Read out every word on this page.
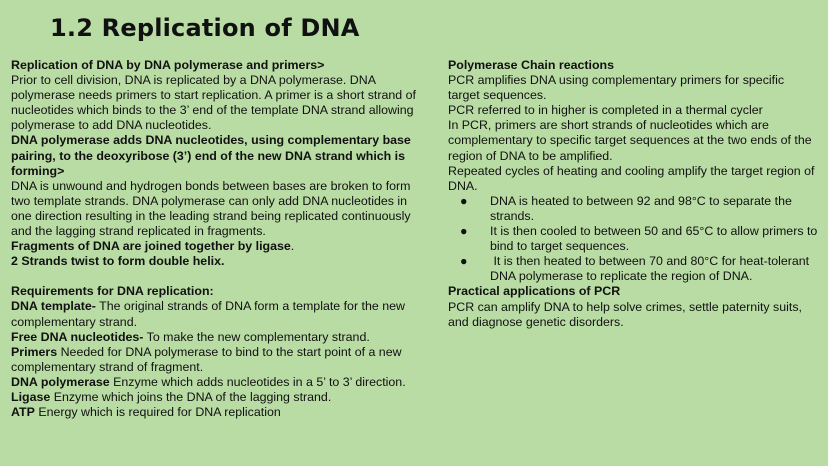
1.2 Replication of DNA

Replication of DNA by DNA polymerase and primers>

Prior to cell division, DNA is replicated by a DNA polymerase. DNA polymerase needs primers to start replication. A primer is a short strand of nucleotides which binds to the 3’ end of the template DNA strand allowing polymerase to add DNA nucleotides.

DNA polymerase adds DNA nucleotides, using complementary base pairing, to the deoxyribose (3’) end of the new DNA strand which is forming>

DNA is unwound and hydrogen bonds between bases are broken to form two template strands. DNA polymerase can only add DNA nucleotides in one direction resulting in the leading strand being replicated continuously and the lagging strand replicated in fragments.

Fragments of DNA are joined together by ligase.

2 Strands twist to form double helix.

Requirements for DNA replication:

DNA template- The original strands of DNA form a template for the new complementary strand.

Free DNA nucleotides- To make the new complementary strand.

Primers Needed for DNA polymerase to bind to the start point of a new complementary strand of fragment.

DNA polymerase Enzyme which adds nucleotides in a 5’ to 3’ direction.

Ligase Enzyme which joins the DNA of the lagging strand.

ATP Energy which is required for DNA replication

Polymerase Chain reactions

PCR amplifies DNA using complementary primers for specific target sequences.

PCR referred to in higher is completed in a thermal cycler

In PCR, primers are short strands of nucleotides which are complementary to specific target sequences at the two ends of the region of DNA to be amplified.

Repeated cycles of heating and cooling amplify the target region of DNA.

● DNA is heated to between 92 and 98°C to separate the strands.
● It is then cooled to between 50 and 65°C to allow primers to bind to target sequences.
● It is then heated to between 70 and 80°C for heat-tolerant DNA polymerase to replicate the region of DNA.

Practical applications of PCR

PCR can amplify DNA to help solve crimes, settle paternity suits, and diagnose genetic disorders.
